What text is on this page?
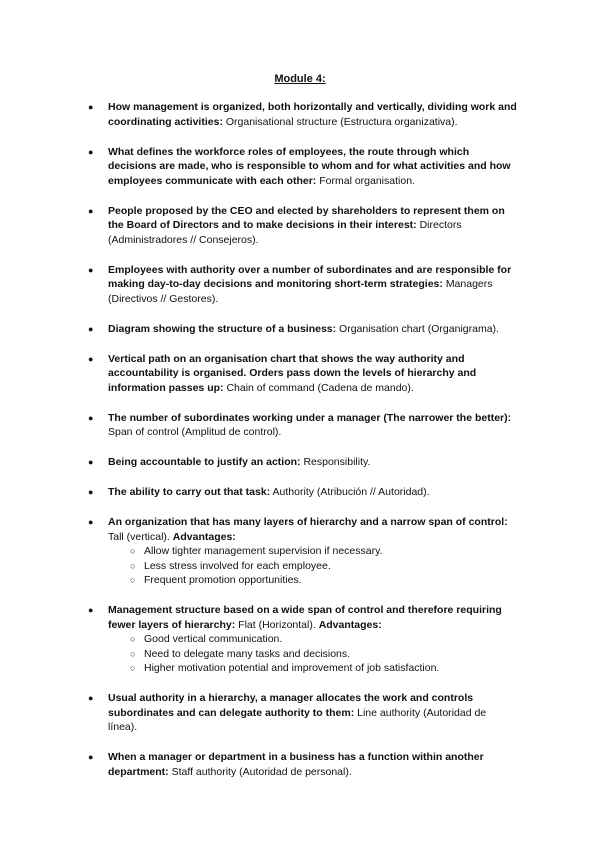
Module 4:
● How management is organized, both horizontally and vertically, dividing work and coordinating activities: Organisational structure (Estructura organizativa).
● What defines the workforce roles of employees, the route through which decisions are made, who is responsible to whom and for what activities and how employees communicate with each other: Formal organisation.
● People proposed by the CEO and elected by shareholders to represent them on the Board of Directors and to make decisions in their interest: Directors (Administradores // Consejeros).
● Employees with authority over a number of subordinates and are responsible for making day-to-day decisions and monitoring short-term strategies: Managers (Directivos // Gestores).
● Diagram showing the structure of a business: Organisation chart (Organigrama).
● Vertical path on an organisation chart that shows the way authority and accountability is organised. Orders pass down the levels of hierarchy and information passes up: Chain of command (Cadena de mando).
● The number of subordinates working under a manager (The narrower the better): Span of control (Amplitud de control).
● Being accountable to justify an action: Responsibility.
● The ability to carry out that task: Authority (Atribución // Autoridad).
● An organization that has many layers of hierarchy and a narrow span of control: Tall (vertical). Advantages:
○ Allow tighter management supervision if necessary.
○ Less stress involved for each employee.
○ Frequent promotion opportunities.
● Management structure based on a wide span of control and therefore requiring fewer layers of hierarchy: Flat (Horizontal). Advantages:
○ Good vertical communication.
○ Need to delegate many tasks and decisions.
○ Higher motivation potential and improvement of job satisfaction.
● Usual authority in a hierarchy, a manager allocates the work and controls subordinates and can delegate authority to them: Line authority (Autoridad de línea).
● When a manager or department in a business has a function within another department: Staff authority (Autoridad de personal).
